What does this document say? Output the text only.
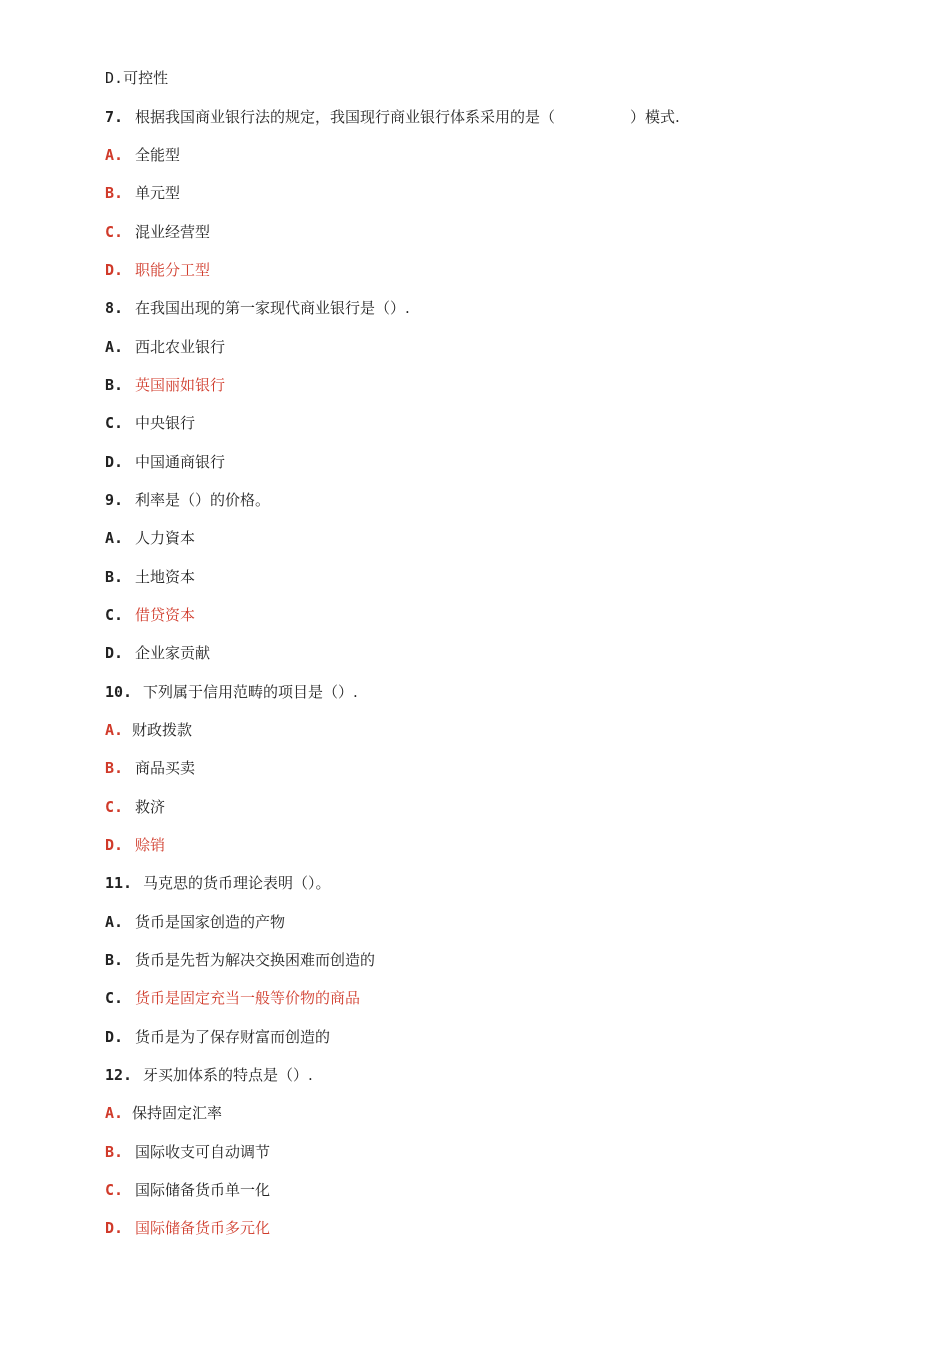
D.可控性
7. 根据我国商业银行法的规定，我国现行商业银行体系采用的是（　　　　　）模式.
A. 全能型
B. 单元型
C. 混业经营型
D. 职能分工型
8. 在我国出现的第一家现代商业银行是（）.
A. 西北农业银行
B. 英国丽如银行
C. 中央银行
D. 中国通商银行
9. 利率是（）的价格。
A. 人力資本
B. 土地资本
C. 借贷资本
D. 企业家贡献
10. 下列属于信用范畴的项目是（）.
A. 财政拨款
B. 商品买卖
C. 救济
D. 赊销
11. 马克思的货币理论表明（）。
A. 货币是国家创造的产物
B. 货币是先哲为解决交换困难而创造的
C. 货币是固定充当一般等价物的商品
D. 货币是为了保存财富而创造的
12. 牙买加体系的特点是（）.
A. 保持固定汇率
B. 国际收支可自动调节
C. 国际储备货币单一化
D. 国际储备货币多元化
